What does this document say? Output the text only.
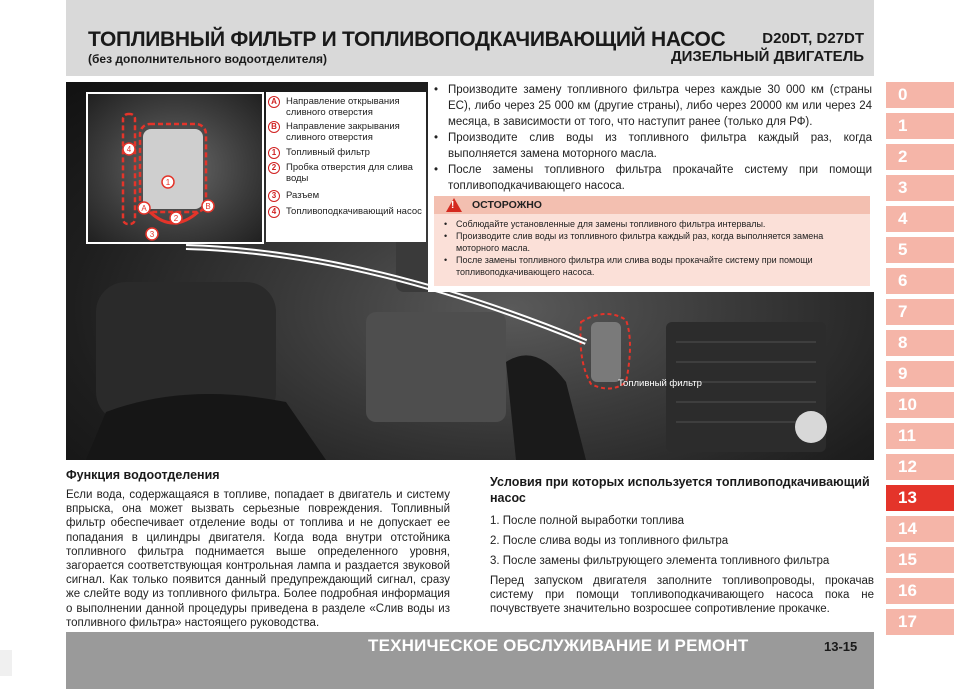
ТОПЛИВНЫЙ ФИЛЬТР И ТОПЛИВОПОДКАЧИВАЮЩИЙ НАСОС
(без дополнительного водоотделителя)
D20DT, D27DT
ДИЗЕЛЬНЫЙ ДВИГАТЕЛЬ
1
2
3
4
A	B
A Направление открывания сливного отверстия
B Направление закрывания сливного отверстия
1	Топливный фильтр
2	Пробка отверстия для слива воды
3	Разъем
4	Топливоподкачивающий насос
• Производите замену топливного фильтра через каждые 30 000 км (страны ЕС), либо через 25 000 км (другие страны), либо через 20000 км или через 24 месяца, в зависимости от того, что наступит ранее (только для РФ).
• Производите слив воды из топливного фильтра каждый раз, когда выполняется замена моторного масла.
• После замены топливного фильтра прокачайте систему при помощи топливоподкачивающего насоса.
! ОСТОРОЖНО
• Соблюдайте установленные для замены топливного фильтра интервалы.
• Производите слив воды из топливного фильтра каждый раз, когда выполняется замена моторного масла.
• После замены топливного фильтра или слива воды прокачайте систему при помощи топливоподкачивающего насоса.
Топливный фильтр
Функция водоотделения

Если вода, содержащаяся в топливе, попадает в двигатель и систему впрыска, она может вызвать серьезные повреждения. Топливный фильтр обеспечивает отделение воды от топлива и не допускает ее попадания в цилиндры двигателя. Когда вода внутри отстойника топливного фильтра поднимается выше определенного уровня, загорается соответствующая контрольная лампа и раздается звуковой сигнал. Как только появится данный предупреждающий сигнал, сразу же слейте воду из топливного фильтра. Более подробная информация о выполнении данной процедуры приведена в разделе «Слив воды из топливного фильтра» настоящего руководства.

Условия при которых используется топливоподкачивающий насос

1. После полной выработки топлива

2. После слива воды из топливного фильтра

3. После замены фильтрующего элемента топливного фильтра

Перед запуском двигателя заполните топливопроводы, прокачав систему при помощи топливоподкачивающего насоса пока не почувствуете значительно возросшее сопротивление прокачке.

ТЕХНИЧЕСКОЕ ОБСЛУЖИВАНИЕ И РЕМОНТ	13-15
0
1
2
3
4
5
6
7
8
9
10
11
12
13
14
15
16
17
